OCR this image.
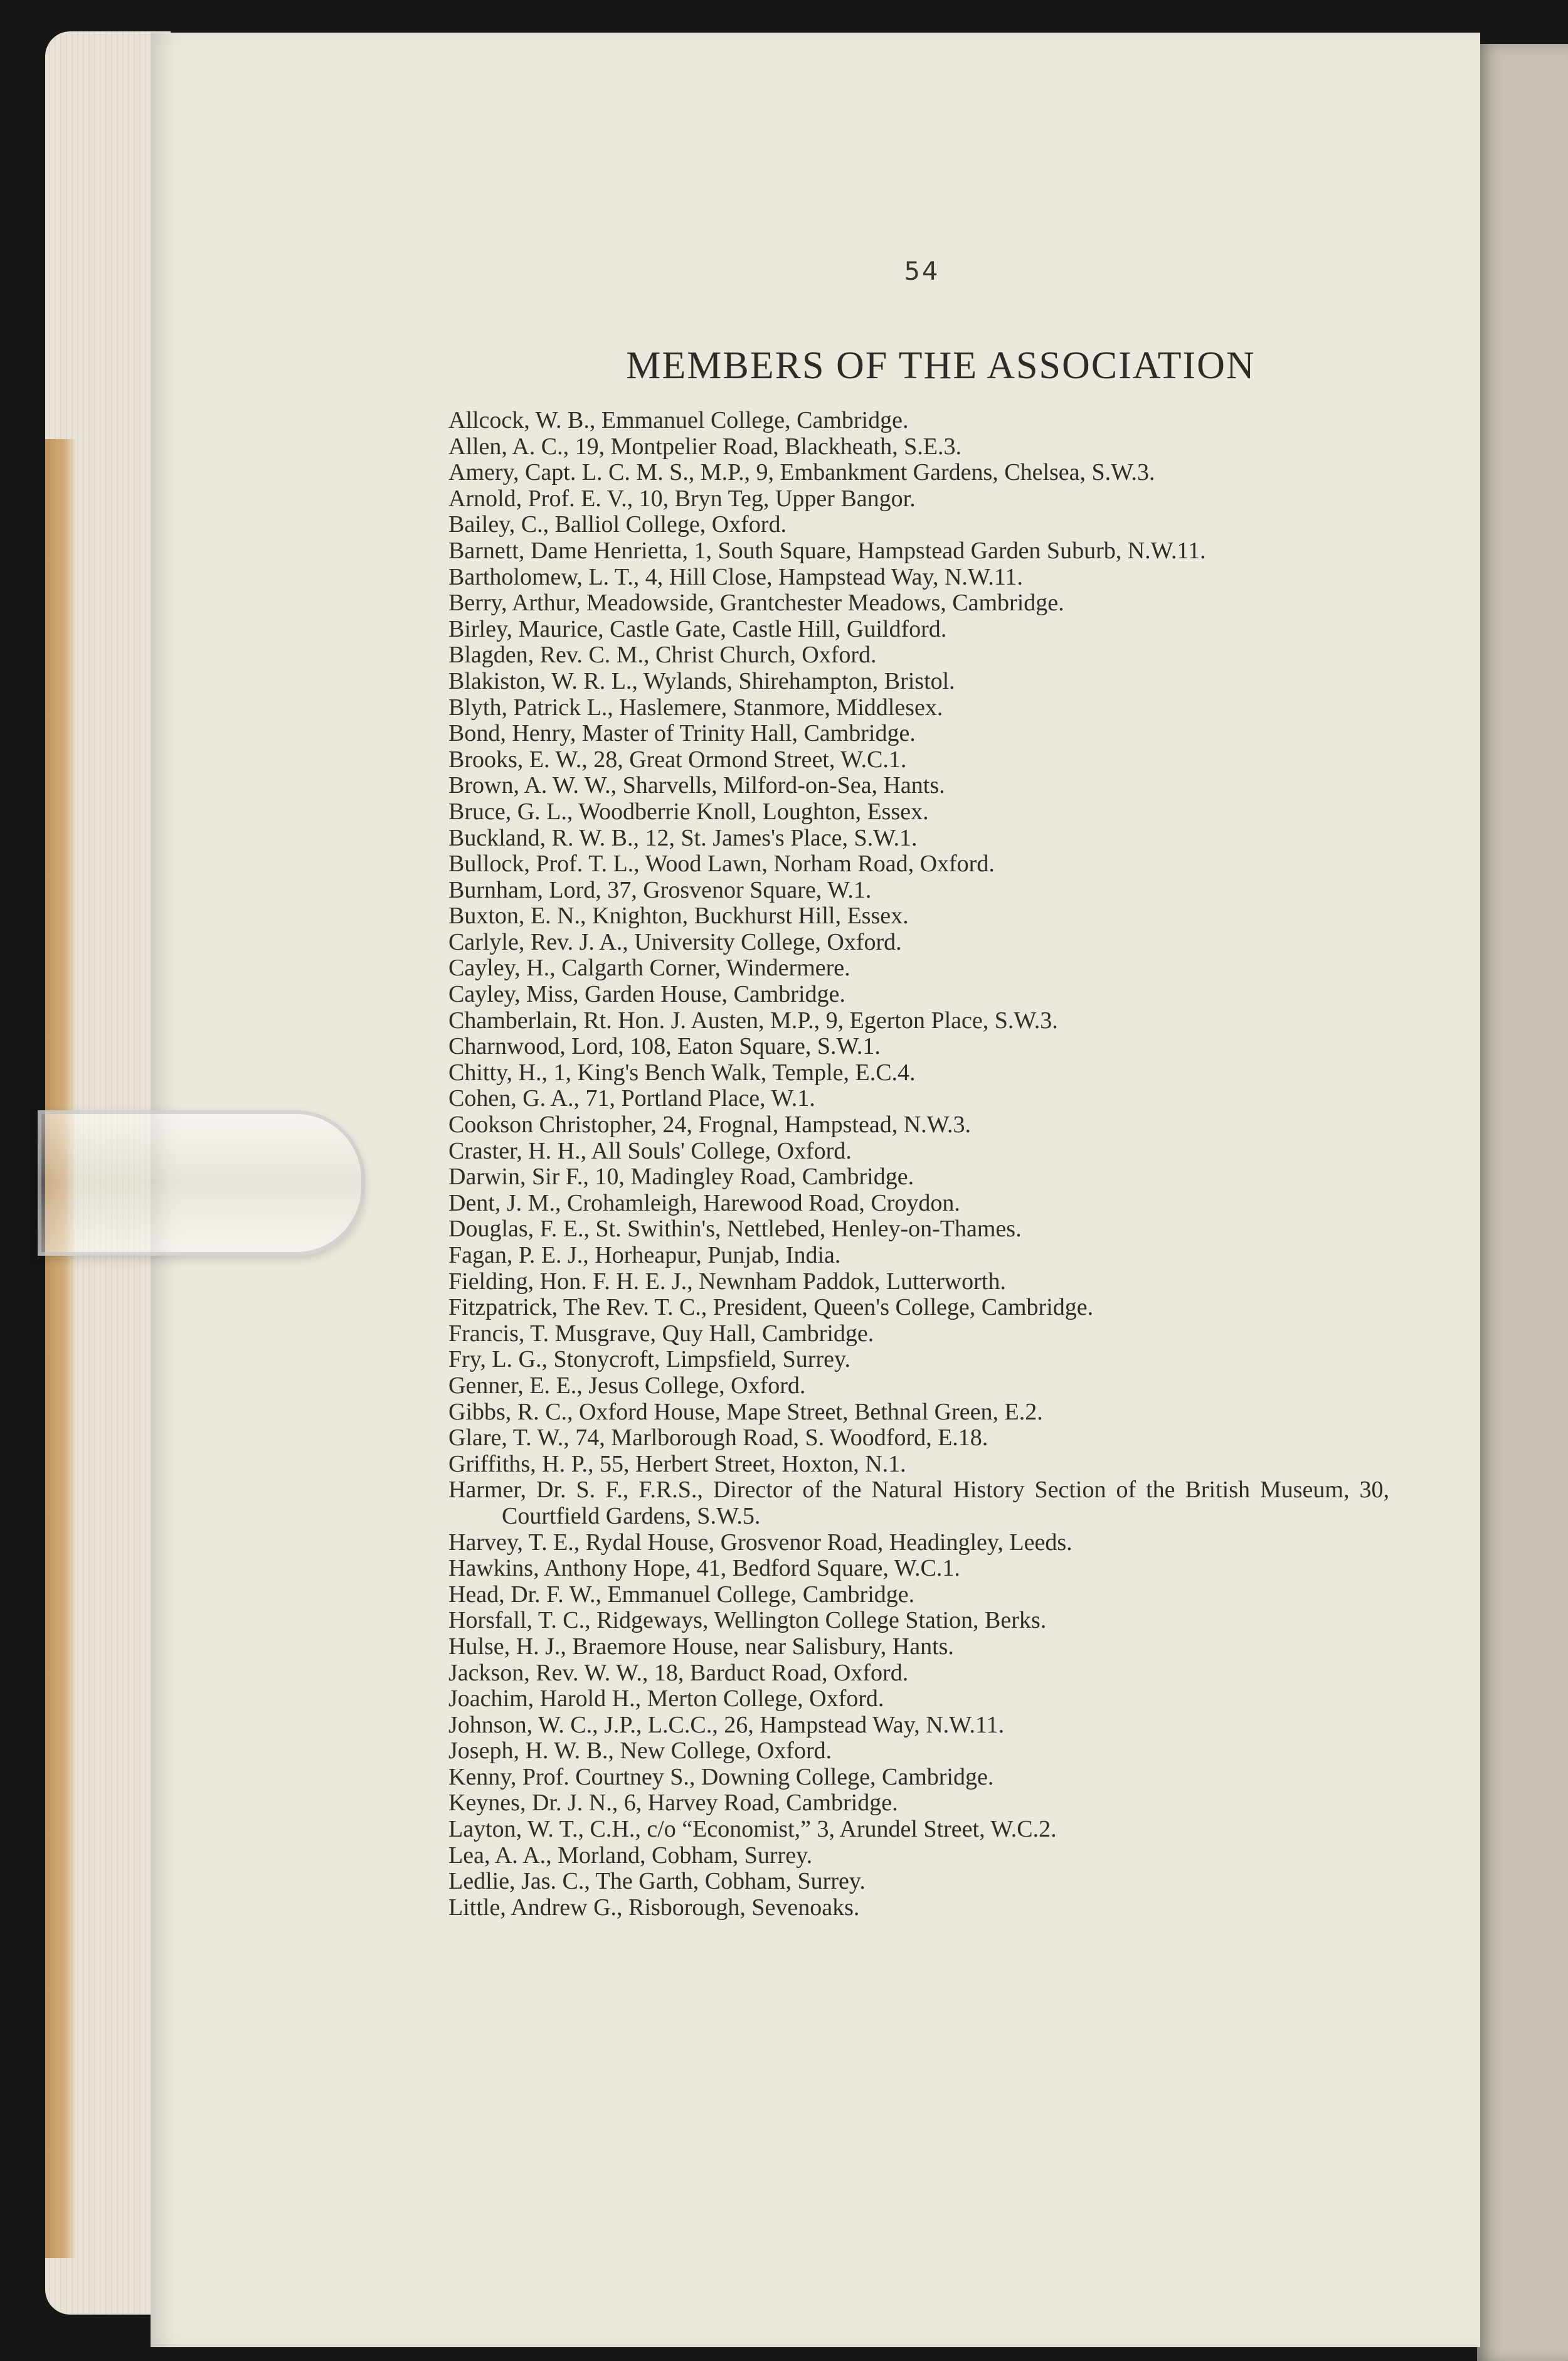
54
MEMBERS OF THE ASSOCIATION
Allcock, W. B., Emmanuel College, Cambridge.
Allen, A. C., 19, Montpelier Road, Blackheath, S.E.3.
Amery, Capt. L. C. M. S., M.P., 9, Embankment Gardens, Chelsea, S.W.3.
Arnold, Prof. E. V., 10, Bryn Teg, Upper Bangor.
Bailey, C., Balliol College, Oxford.
Barnett, Dame Henrietta, 1, South Square, Hampstead Garden Suburb, N.W.11.
Bartholomew, L. T., 4, Hill Close, Hampstead Way, N.W.11.
Berry, Arthur, Meadowside, Grantchester Meadows, Cambridge.
Birley, Maurice, Castle Gate, Castle Hill, Guildford.
Blagden, Rev. C. M., Christ Church, Oxford.
Blakiston, W. R. L., Wylands, Shirehampton, Bristol.
Blyth, Patrick L., Haslemere, Stanmore, Middlesex.
Bond, Henry, Master of Trinity Hall, Cambridge.
Brooks, E. W., 28, Great Ormond Street, W.C.1.
Brown, A. W. W., Sharvells, Milford-on-Sea, Hants.
Bruce, G. L., Woodberrie Knoll, Loughton, Essex.
Buckland, R. W. B., 12, St. James's Place, S.W.1.
Bullock, Prof. T. L., Wood Lawn, Norham Road, Oxford.
Burnham, Lord, 37, Grosvenor Square, W.1.
Buxton, E. N., Knighton, Buckhurst Hill, Essex.
Carlyle, Rev. J. A., University College, Oxford.
Cayley, H., Calgarth Corner, Windermere.
Cayley, Miss, Garden House, Cambridge.
Chamberlain, Rt. Hon. J. Austen, M.P., 9, Egerton Place, S.W.3.
Charnwood, Lord, 108, Eaton Square, S.W.1.
Chitty, H., 1, King's Bench Walk, Temple, E.C.4.
Cohen, G. A., 71, Portland Place, W.1.
Cookson Christopher, 24, Frognal, Hampstead, N.W.3.
Craster, H. H., All Souls' College, Oxford.
Darwin, Sir F., 10, Madingley Road, Cambridge.
Dent, J. M., Crohamleigh, Harewood Road, Croydon.
Douglas, F. E., St. Swithin's, Nettlebed, Henley-on-Thames.
Fagan, P. E. J., Horheapur, Punjab, India.
Fielding, Hon. F. H. E. J., Newnham Paddok, Lutterworth.
Fitzpatrick, The Rev. T. C., President, Queen's College, Cambridge.
Francis, T. Musgrave, Quy Hall, Cambridge.
Fry, L. G., Stonycroft, Limpsfield, Surrey.
Genner, E. E., Jesus College, Oxford.
Gibbs, R. C., Oxford House, Mape Street, Bethnal Green, E.2.
Glare, T. W., 74, Marlborough Road, S. Woodford, E.18.
Griffiths, H. P., 55, Herbert Street, Hoxton, N.1.
Harmer, Dr. S. F., F.R.S., Director of the Natural History Section of the British Museum, 30, Courtfield Gardens, S.W.5.
Harvey, T. E., Rydal House, Grosvenor Road, Headingley, Leeds.
Hawkins, Anthony Hope, 41, Bedford Square, W.C.1.
Head, Dr. F. W., Emmanuel College, Cambridge.
Horsfall, T. C., Ridgeways, Wellington College Station, Berks.
Hulse, H. J., Braemore House, near Salisbury, Hants.
Jackson, Rev. W. W., 18, Barduct Road, Oxford.
Joachim, Harold H., Merton College, Oxford.
Johnson, W. C., J.P., L.C.C., 26, Hampstead Way, N.W.11.
Joseph, H. W. B., New College, Oxford.
Kenny, Prof. Courtney S., Downing College, Cambridge.
Keynes, Dr. J. N., 6, Harvey Road, Cambridge.
Layton, W. T., C.H., c/o “Economist,” 3, Arundel Street, W.C.2.
Lea, A. A., Morland, Cobham, Surrey.
Ledlie, Jas. C., The Garth, Cobham, Surrey.
Little, Andrew G., Risborough, Sevenoaks.
